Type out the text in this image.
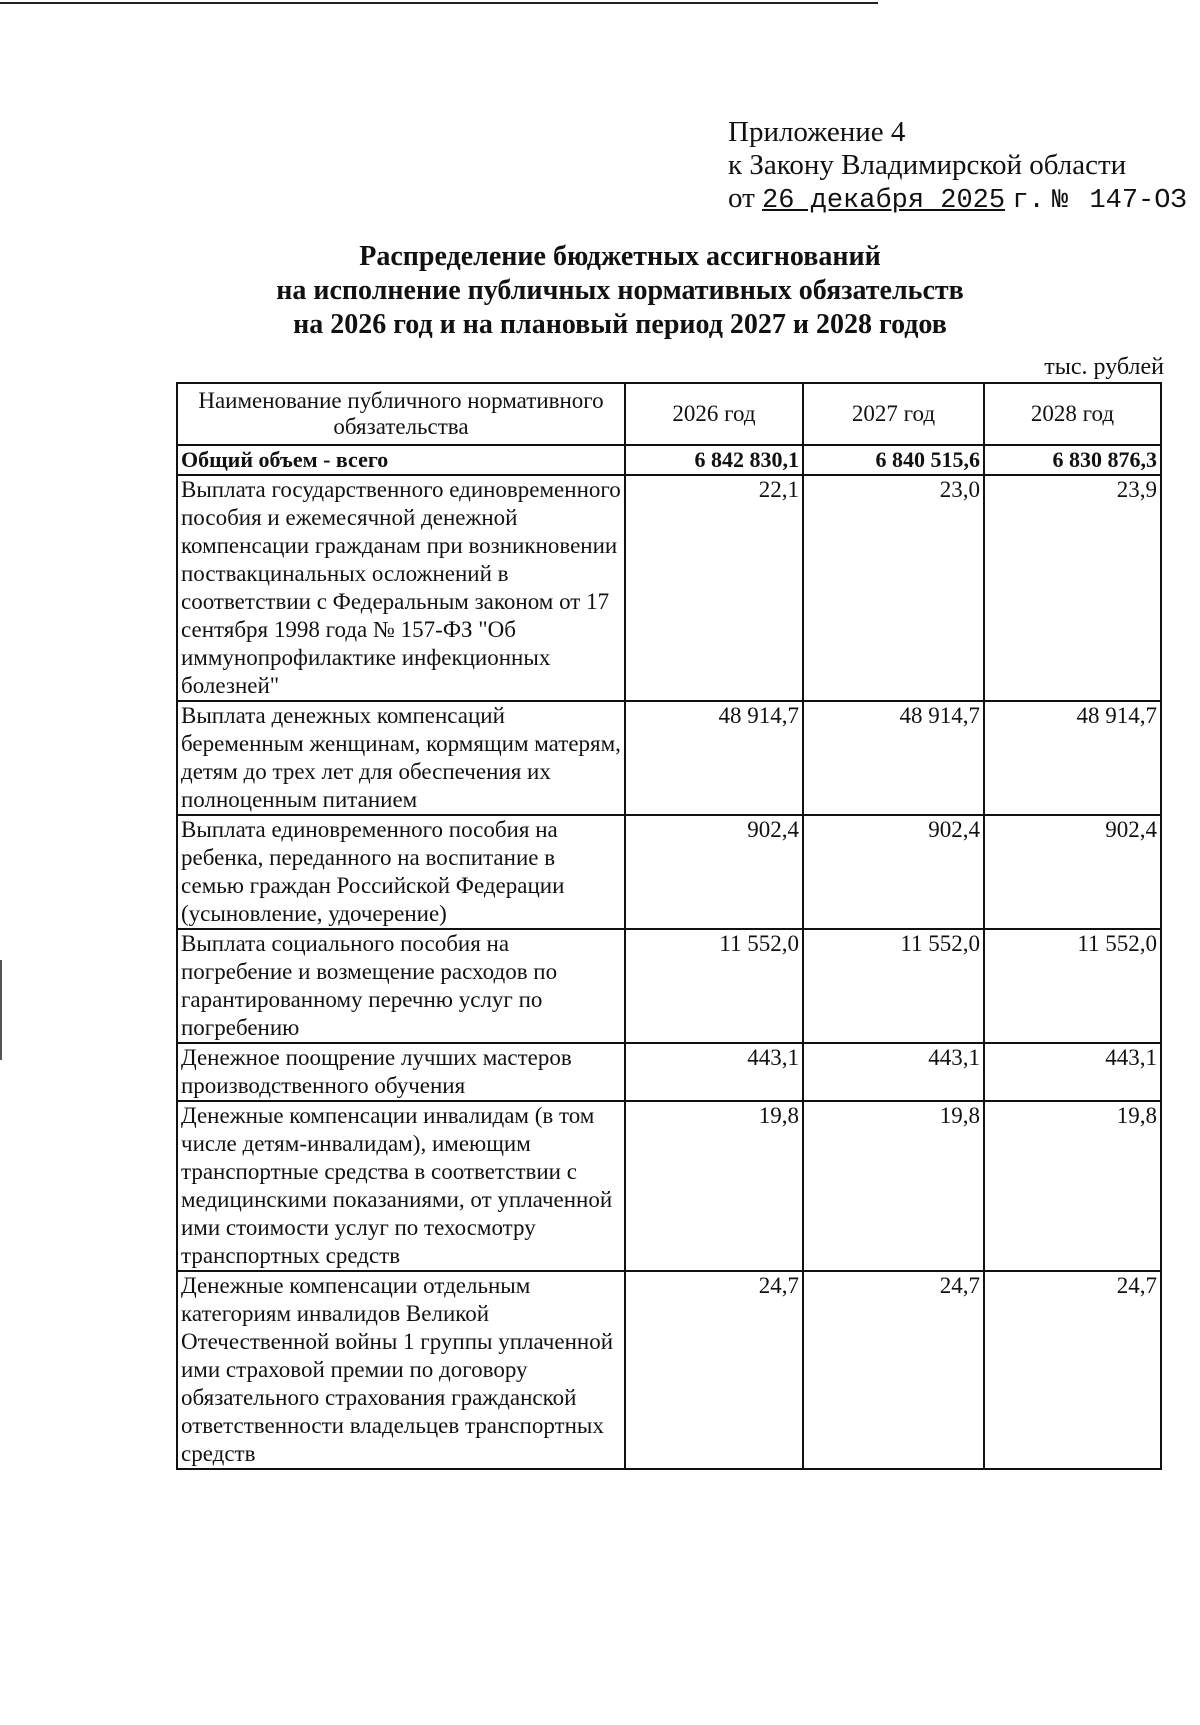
Приложение 4
к Закону Владимирской области
от 26 декабря 2025 г. № 147-ОЗ
Распределение бюджетных ассигнований
на исполнение публичных нормативных обязательств
на 2026 год и на плановый период 2027 и 2028 годов
тыс. рублей
Наименование публичного нормативного обязательства	2026 год	2027 год	2028 год
Общий объем - всего	6 842 830,1	6 840 515,6	6 830 876,3
Выплата государственного единовременного пособия и ежемесячной денежной компенсации гражданам при возникновении поствакцинальных осложнений в соответствии с Федеральным законом от 17 сентября 1998 года № 157-ФЗ "Об иммунопрофилактике инфекционных болезней"	22,1	23,0	23,9
Выплата денежных компенсаций беременным женщинам, кормящим матерям, детям до трех лет для обеспечения их полноценным питанием	48 914,7	48 914,7	48 914,7
Выплата единовременного пособия на ребенка, переданного на воспитание в семью граждан Российской Федерации (усыновление, удочерение)	902,4	902,4	902,4
Выплата социального пособия на погребение и возмещение расходов по гарантированному перечню услуг по погребению	11 552,0	11 552,0	11 552,0
Денежное поощрение лучших мастеров производственного обучения	443,1	443,1	443,1
Денежные компенсации инвалидам (в том числе детям-инвалидам), имеющим транспортные средства в соответствии с медицинскими показаниями, от уплаченной ими стоимости услуг по техосмотру транспортных средств	19,8	19,8	19,8
Денежные компенсации отдельным категориям инвалидов Великой Отечественной войны 1 группы уплаченной ими страховой премии по договору обязательного страхования гражданской ответственности владельцев транспортных средств	24,7	24,7	24,7
